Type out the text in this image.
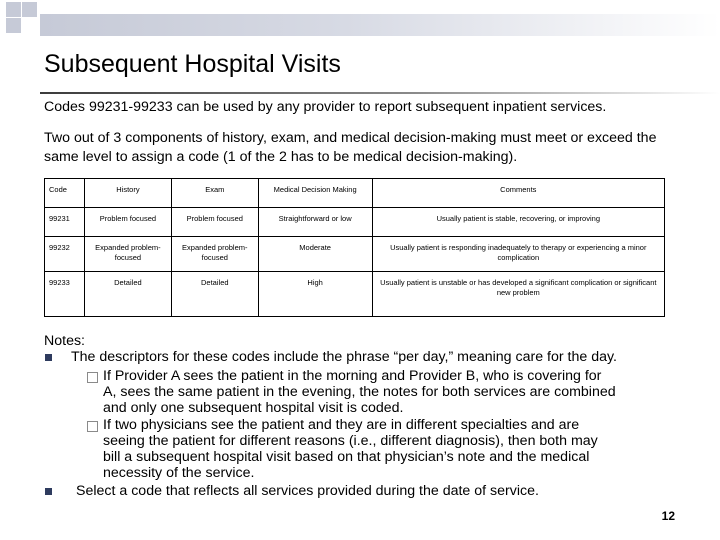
Subsequent Hospital Visits
Codes 99231-99233 can be used by any provider to report subsequent inpatient services.
Two out of 3 components of history, exam, and medical decision-making must meet or exceed the same level to assign a code (1 of the 2 has to be medical decision-making).
Code	History	Exam	Medical Decision Making	Comments
99231	Problem focused	Problem focused	Straightforward or low	Usually patient is stable, recovering, or improving
99232	Expanded problem-focused	Expanded problem-focused	Moderate	Usually patient is responding inadequately to therapy or experiencing a minor complication
99233	Detailed	Detailed	High	Usually patient is unstable or has developed a significant complication or significant new problem
Notes:
The descriptors for these codes include the phrase “per day,” meaning care for the day.
If Provider A sees the patient in the morning and Provider B, who is covering for
A, sees the same patient in the evening, the notes for both services are combined
and only one subsequent hospital visit is coded.
If two physicians see the patient and they are in different specialties and are
seeing the patient for different reasons (i.e., different diagnosis), then both may
bill a subsequent hospital visit based on that physician’s note and the medical
necessity of the service.
Select a code that reflects all services provided during the date of service.
12
